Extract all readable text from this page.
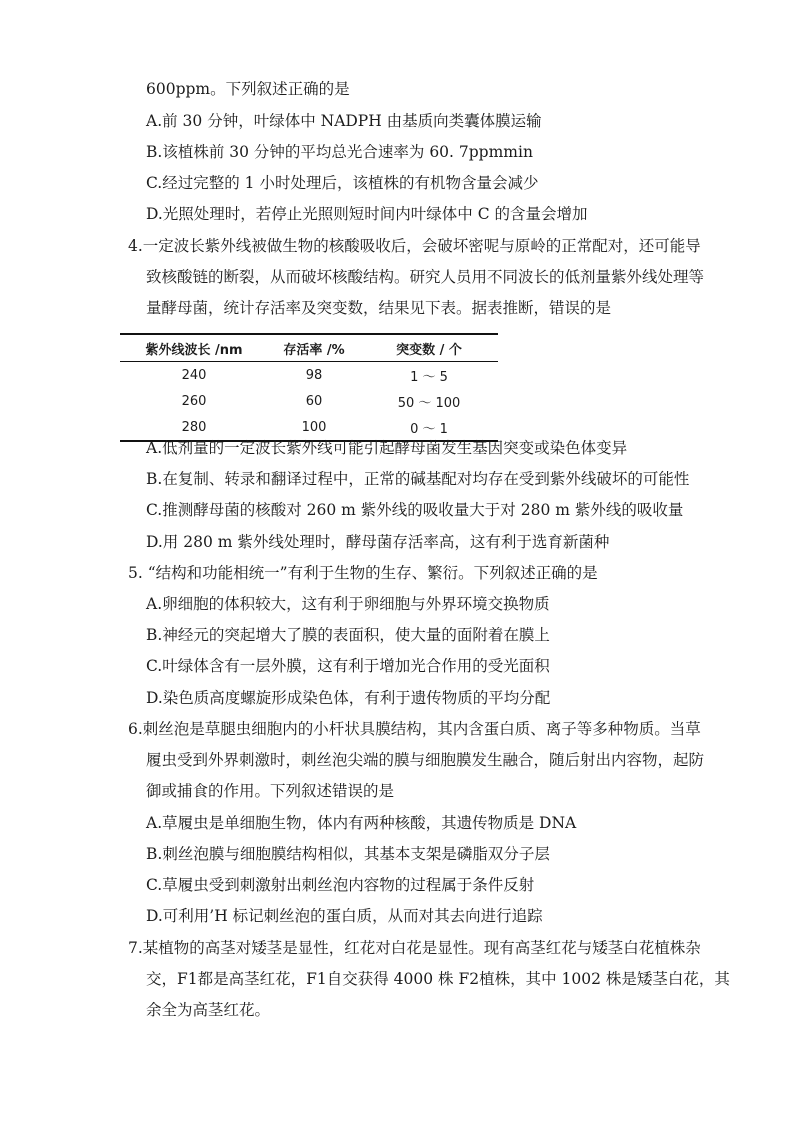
600ppm。下列叙述正确的是
A.前 30 分钟，叶绿体中 NADPH 由基质向类囊体膜运输
B.该植株前 30 分钟的平均总光合速率为 60. 7ppmmin
C.经过完整的 1 小时处理后，该植株的有机物含量会减少
D.光照处理时，若停止光照则短时间内叶绿体中 C 的含量会增加
4.一定波长紫外线被做生物的核酸吸收后，会破坏密呢与原岭的正常配对，还可能导
致核酸链的断裂，从而破坏核酸结构。研究人员用不同波长的低剂量紫外线处理等
量酵母菌，统计存活率及突变数，结果见下表。据表推断，错误的是
紫外线波长 /nm	存活率 /%	突变数 / 个
240	98	1 ～ 5
260	60	50 ～ 100
280	100	0 ～ 1
A.低剂量的一定波长紫外线可能引起酵母菌发生基因突变或染色体变异
B.在复制、转录和翻译过程中，正常的碱基配对均存在受到紫外线破坏的可能性
C.推测酵母菌的核酸对 260 m 紫外线的吸收量大于对 280 m 紫外线的吸收量
D.用 280 m 紫外线处理时，酵母菌存活率高，这有利于选育新菌种
5. “结构和功能相统一”有利于生物的生存、繁衍。下列叙述正确的是
A.卵细胞的体积较大，这有利于卵细胞与外界环境交换物质
B.神经元的突起增大了膜的表面积，使大量的面附着在膜上
C.叶绿体含有一层外膜，这有利于增加光合作用的受光面积
D.染色质高度螺旋形成染色体，有利于遗传物质的平均分配
6.刺丝泡是草腿虫细胞内的小杆状具膜结构，其内含蛋白质、离子等多种物质。当草
履虫受到外界刺激时，刺丝泡尖端的膜与细胞膜发生融合，随后射出内容物，起防
御或捕食的作用。下列叙述错误的是
A.草履虫是单细胞生物，体内有两种核酸，其遗传物质是 DNA
B.刺丝泡膜与细胞膜结构相似，其基本支架是磷脂双分子层
C.草履虫受到刺激射出刺丝泡内容物的过程属于条件反射
D.可利用’H 标记刺丝泡的蛋白质，从而对其去向进行追踪
7.某植物的高茎对矮茎是显性，红花对白花是显性。现有高茎红花与矮茎白花植株杂
交，F1都是高茎红花，F1自交获得 4000 株 F2植株，其中 1002 株是矮茎白花，其
余全为高茎红花。
